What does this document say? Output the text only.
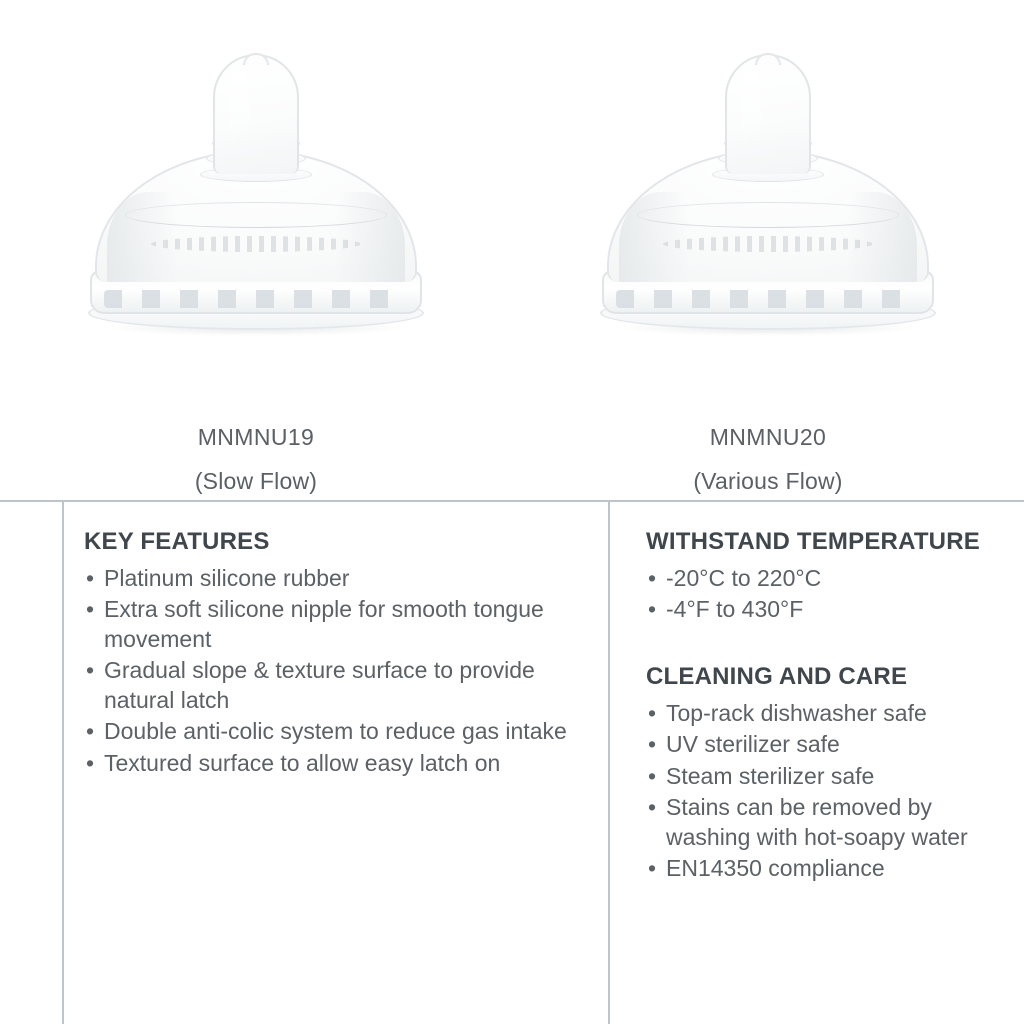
MNMNU19
(Slow Flow)
MNMNU20
(Various Flow)
KEY FEATURES
• Platinum silicone rubber
• Extra soft silicone nipple for smooth tongue movement
• Gradual slope & texture surface to provide natural latch
• Double anti-colic system to reduce gas intake
• Textured surface to allow easy latch on
WITHSTAND TEMPERATURE
• -20°C to 220°C
• -4°F to 430°F
CLEANING AND CARE
• Top-rack dishwasher safe
• UV sterilizer safe
• Steam sterilizer safe
• Stains can be removed by washing with hot-soapy water
• EN14350 compliance
